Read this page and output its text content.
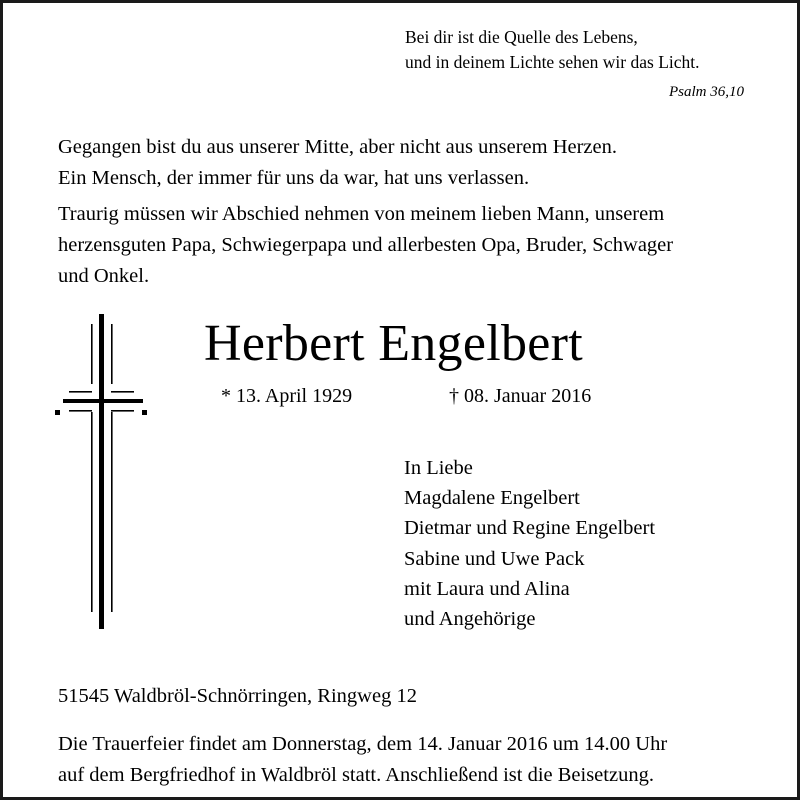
Bei dir ist die Quelle des Lebens,
und in deinem Lichte sehen wir das Licht.
Psalm 36,10
Gegangen bist du aus unserer Mitte, aber nicht aus unserem Herzen.
Ein Mensch, der immer für uns da war, hat uns verlassen.
Traurig müssen wir Abschied nehmen von meinem lieben Mann, unserem
herzensguten Papa, Schwiegerpapa und allerbesten Opa, Bruder, Schwager
und Onkel.
Herbert Engelbert
* 13. April 1929	† 08. Januar 2016
In Liebe
Magdalene Engelbert
Dietmar und Regine Engelbert
Sabine und Uwe Pack
mit Laura und Alina
und Angehörige
51545 Waldbröl-Schnörringen, Ringweg 12
Die Trauerfeier findet am Donnerstag, dem 14. Januar 2016 um 14.00 Uhr
auf dem Bergfriedhof in Waldbröl statt. Anschließend ist die Beisetzung.
